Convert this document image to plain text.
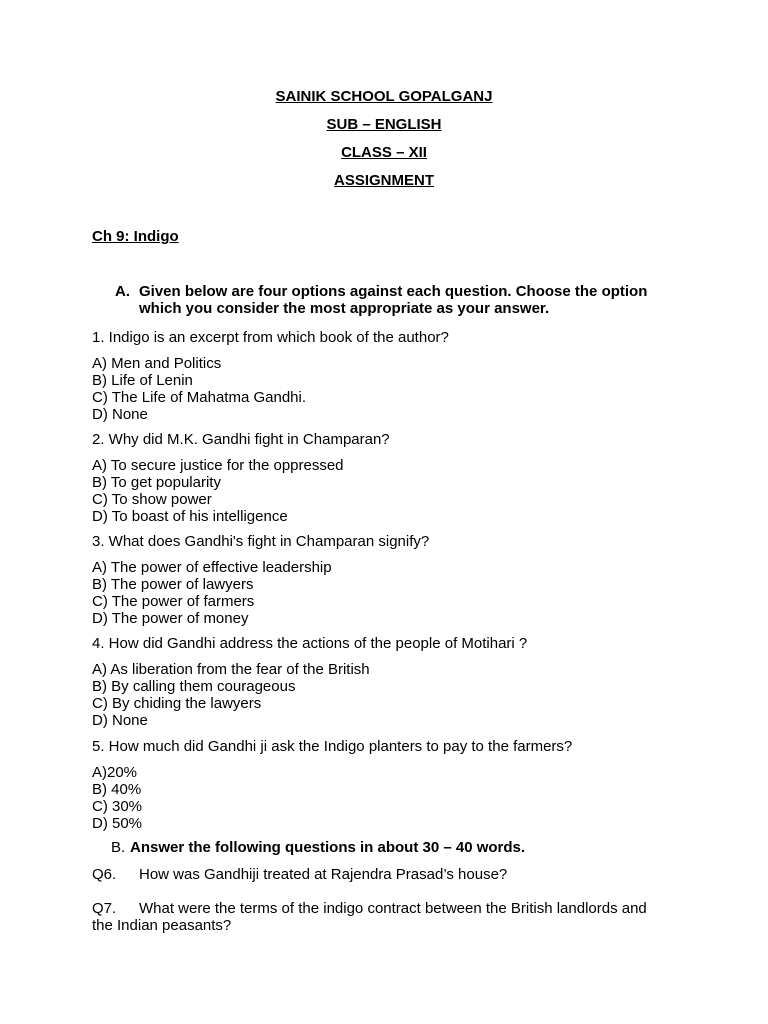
SAINIK SCHOOL GOPALGANJ
SUB – ENGLISH
CLASS – XII
ASSIGNMENT
Ch 9: Indigo
A. Given below are four options against each question. Choose the option
which you consider the most appropriate as your answer.
1. Indigo is an excerpt from which book of the author?
A) Men and Politics
B) Life of Lenin
C) The Life of Mahatma Gandhi.
D) None
2. Why did M.K. Gandhi fight in Champaran?
A) To secure justice for the oppressed
B) To get popularity
C) To show power
D) To boast of his intelligence
3. What does Gandhi's fight in Champaran signify?
A) The power of effective leadership
B) The power of lawyers
C) The power of farmers
D) The power of money
4. How did Gandhi address the actions of the people of Motihari ?
A) As liberation from the fear of the British
B) By calling them courageous
C) By chiding the lawyers
D) None
5. How much did Gandhi ji ask the Indigo planters to pay to the farmers?
A)20%
B) 40%
C) 30%
D) 50%
B. Answer the following questions in about 30 – 40 words.
Q6. How was Gandhiji treated at Rajendra Prasad’s house?
Q7. What were the terms of the indigo contract between the British landlords and
the Indian peasants?
